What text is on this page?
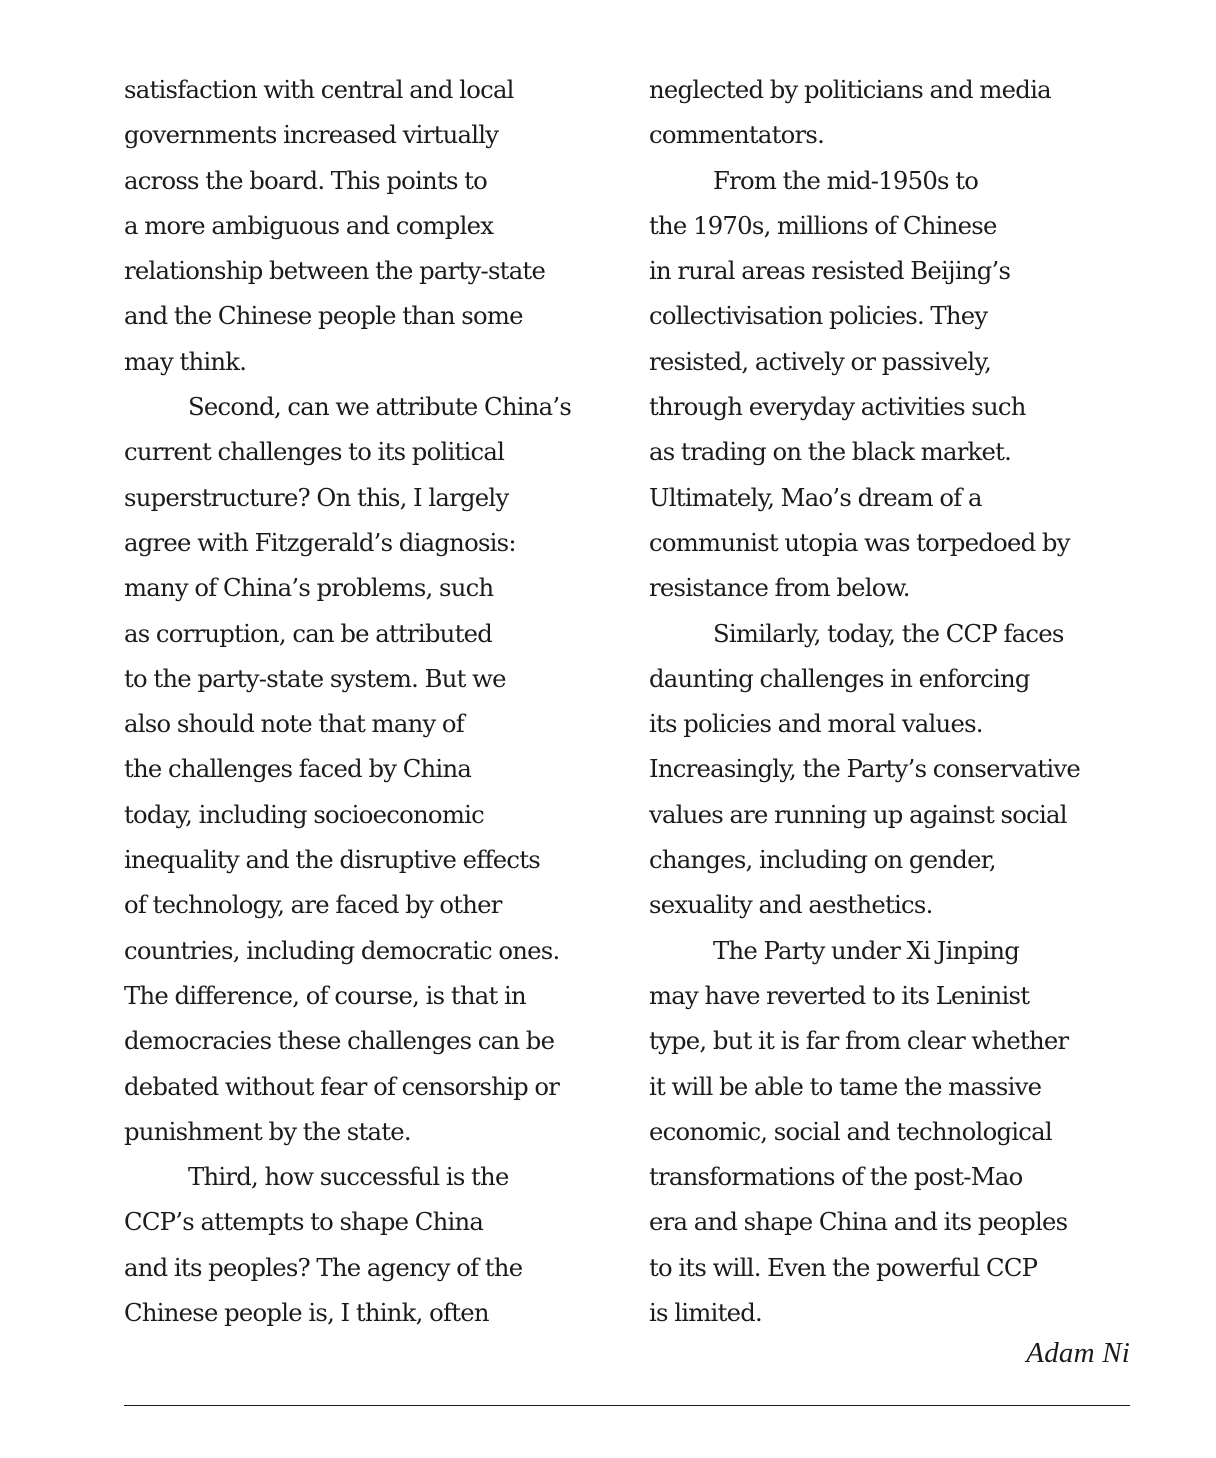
satisfaction with central and local
governments increased virtually
across the board. This points to
a more ambiguous and complex
relationship between the party-state
and the Chinese people than some
may think.
Second, can we attribute China’s
current challenges to its political
superstructure? On this, I largely
agree with Fitzgerald’s diagnosis:
many of China’s problems, such
as corruption, can be attributed
to the party-state system. But we
also should note that many of
the challenges faced by China
today, including socioeconomic
inequality and the disruptive effects
of technology, are faced by other
countries, including democratic ones.
The difference, of course, is that in
democracies these challenges can be
debated without fear of censorship or
punishment by the state.
Third, how successful is the
CCP’s attempts to shape China
and its peoples? The agency of the
Chinese people is, I think, often
neglected by politicians and media
commentators.
From the mid-1950s to
the 1970s, millions of Chinese
in rural areas resisted Beijing’s
collectivisation policies. They
resisted, actively or passively,
through everyday activities such
as trading on the black market.
Ultimately, Mao’s dream of a
communist utopia was torpedoed by
resistance from below.
Similarly, today, the CCP faces
daunting challenges in enforcing
its policies and moral values.
Increasingly, the Party’s conservative
values are running up against social
changes, including on gender,
sexuality and aesthetics.
The Party under Xi Jinping
may have reverted to its Leninist
type, but it is far from clear whether
it will be able to tame the massive
economic, social and technological
transformations of the post-Mao
era and shape China and its peoples
to its will. Even the powerful CCP
is limited.
Adam Ni
